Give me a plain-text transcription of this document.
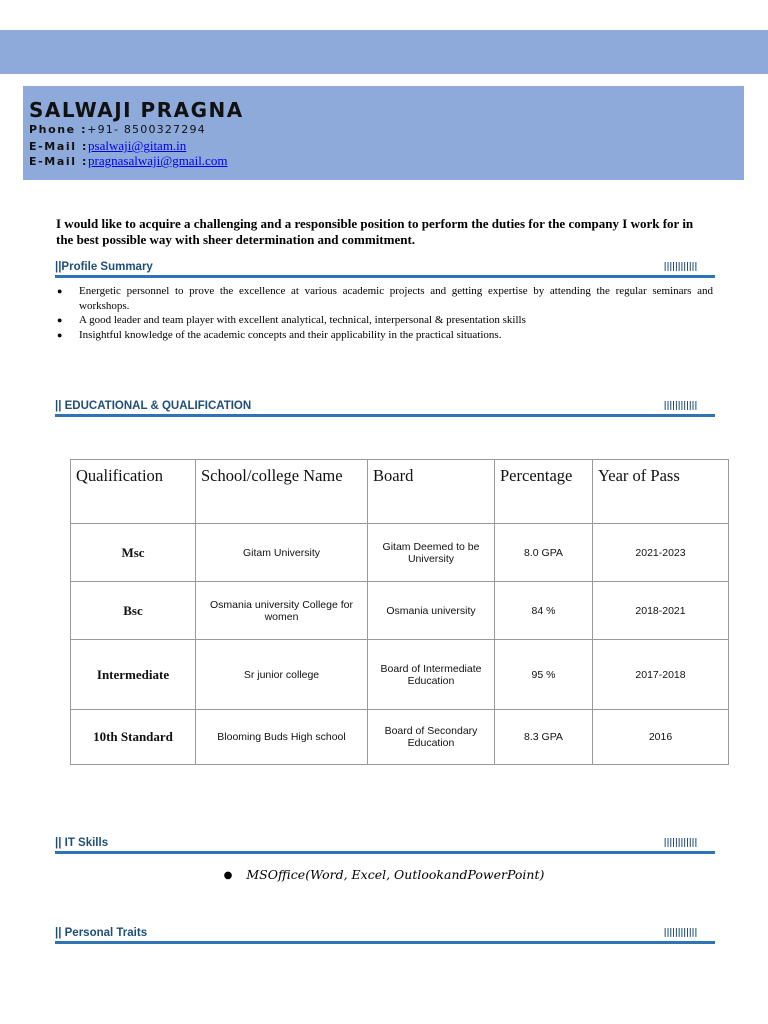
SALWAJI PRAGNA
Phone :+91- 8500327294
E-Mail :psalwaji@gitam.in
E-Mail :pragnasalwaji@gmail.com
I would like to acquire a challenging and a responsible position to perform the duties for the company I work for in the best possible way with sheer determination and commitment.
||Profile Summary	||||||||||||
● Energetic personnel to prove the excellence at various academic projects and getting expertise by attending the regular seminars and workshops.
● A good leader and team player with excellent analytical, technical, interpersonal & presentation skills
● Insightful knowledge of the academic concepts and their applicability in the practical situations.
|| EDUCATIONAL & QUALIFICATION	||||||||||||
Qualification	School/college Name	Board	Percentage	Year of Pass
Msc	Gitam University	Gitam Deemed to be University	8.0 GPA	2021-2023
Bsc	Osmania university College for women	Osmania university	84 %	2018-2021
Intermediate	Sr junior college	Board of Intermediate Education	95 %	2017-2018
10th Standard	Blooming Buds High school	Board of Secondary Education	8.3 GPA	2016
|| IT Skills	||||||||||||
● MSOffice(Word, Excel, OutlookandPowerPoint)
|| Personal Traits	||||||||||||
